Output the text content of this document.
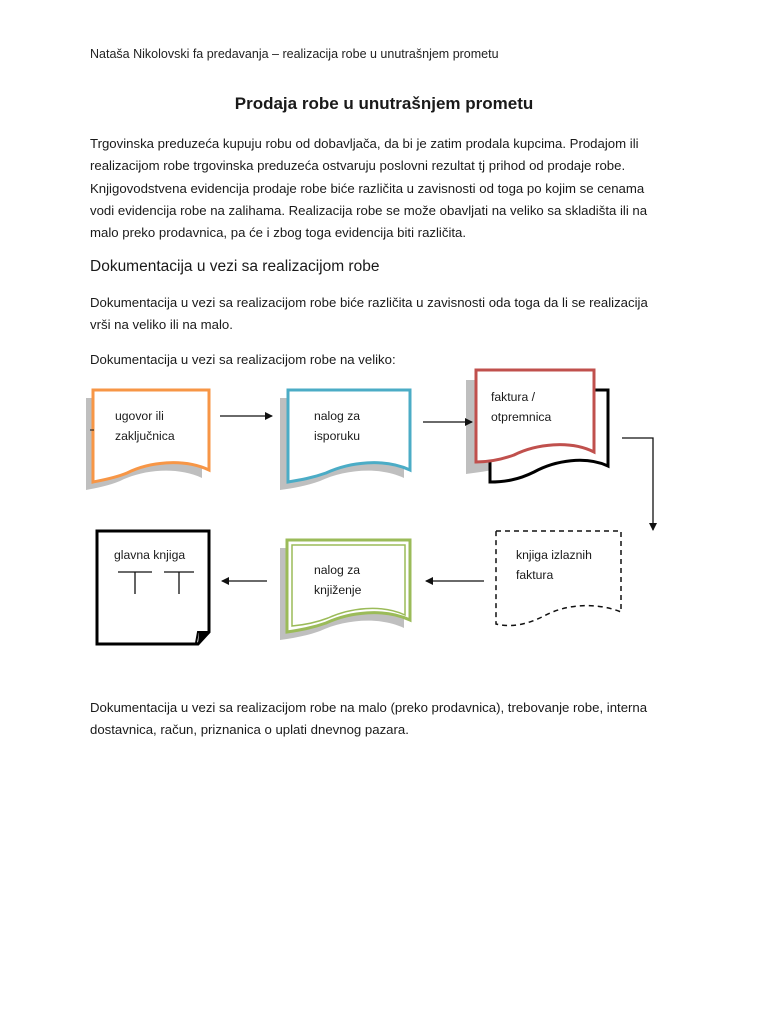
Nataša Nikolovski fa predavanja – realizacija robe u unutrašnjem prometu
Prodaja robe u unutrašnjem prometu
Trgovinska preduzeća kupuju robu od dobavljača, da bi je zatim prodala kupcima. Prodajom ili
realizacijom robe trgovinska preduzeća ostvaruju poslovni rezultat tj prihod od prodaje robe.
Knjigovodstvena evidencija prodaje robe biće različita u zavisnosti od toga po kojim se cenama
vodi evidencija robe na zalihama. Realizacija robe se može obavljati na veliko sa skladišta ili na
malo preko prodavnica, pa će i zbog toga evidencija biti različita.
Dokumentacija u vezi sa realizacijom robe
Dokumentacija u vezi sa realizacijom robe biće različita u zavisnosti oda toga da li se realizacija
vrši na veliko ili na malo.
Dokumentacija u vezi sa realizacijom robe na veliko:
ugovor ili
zaključnica
nalog za
isporuku
faktura /
otpremnica
knjiga izlaznih
faktura
nalog za
knjiženje
glavna knjiga
Dokumentacija u vezi sa realizacijom robe na malo (preko prodavnica), trebovanje robe, interna
dostavnica, račun, priznanica o uplati dnevnog pazara.
